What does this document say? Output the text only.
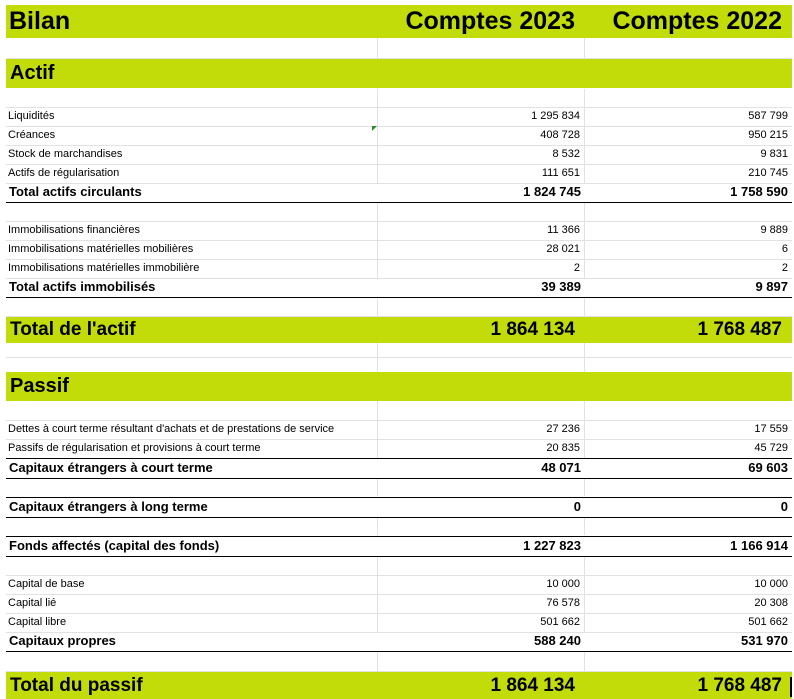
Bilan	Comptes 2023	Comptes 2022
Actif
Liquidités	1 295 834	587 799
Créances	408 728	950 215
Stock de marchandises	8 532	9 831
Actifs de régularisation	111 651	210 745
Total actifs circulants	1 824 745	1 758 590
Immobilisations financières	11 366	9 889
Immobilisations matérielles mobilières	28 021	6
Immobilisations matérielles immobilière	2	2
Total actifs immobilisés	39 389	9 897
Total de l'actif	1 864 134	1 768 487
Passif
Dettes à court terme résultant d'achats et de prestations de service	27 236	17 559
Passifs de régularisation et provisions à court terme	20 835	45 729
Capitaux étrangers à court terme	48 071	69 603
Capitaux étrangers à long terme	0	0
Fonds affectés (capital des fonds)	1 227 823	1 166 914
Capital de base	10 000	10 000
Capital lié	76 578	20 308
Capital libre	501 662	501 662
Capitaux propres	588 240	531 970
Total du passif	1 864 134	1 768 487
